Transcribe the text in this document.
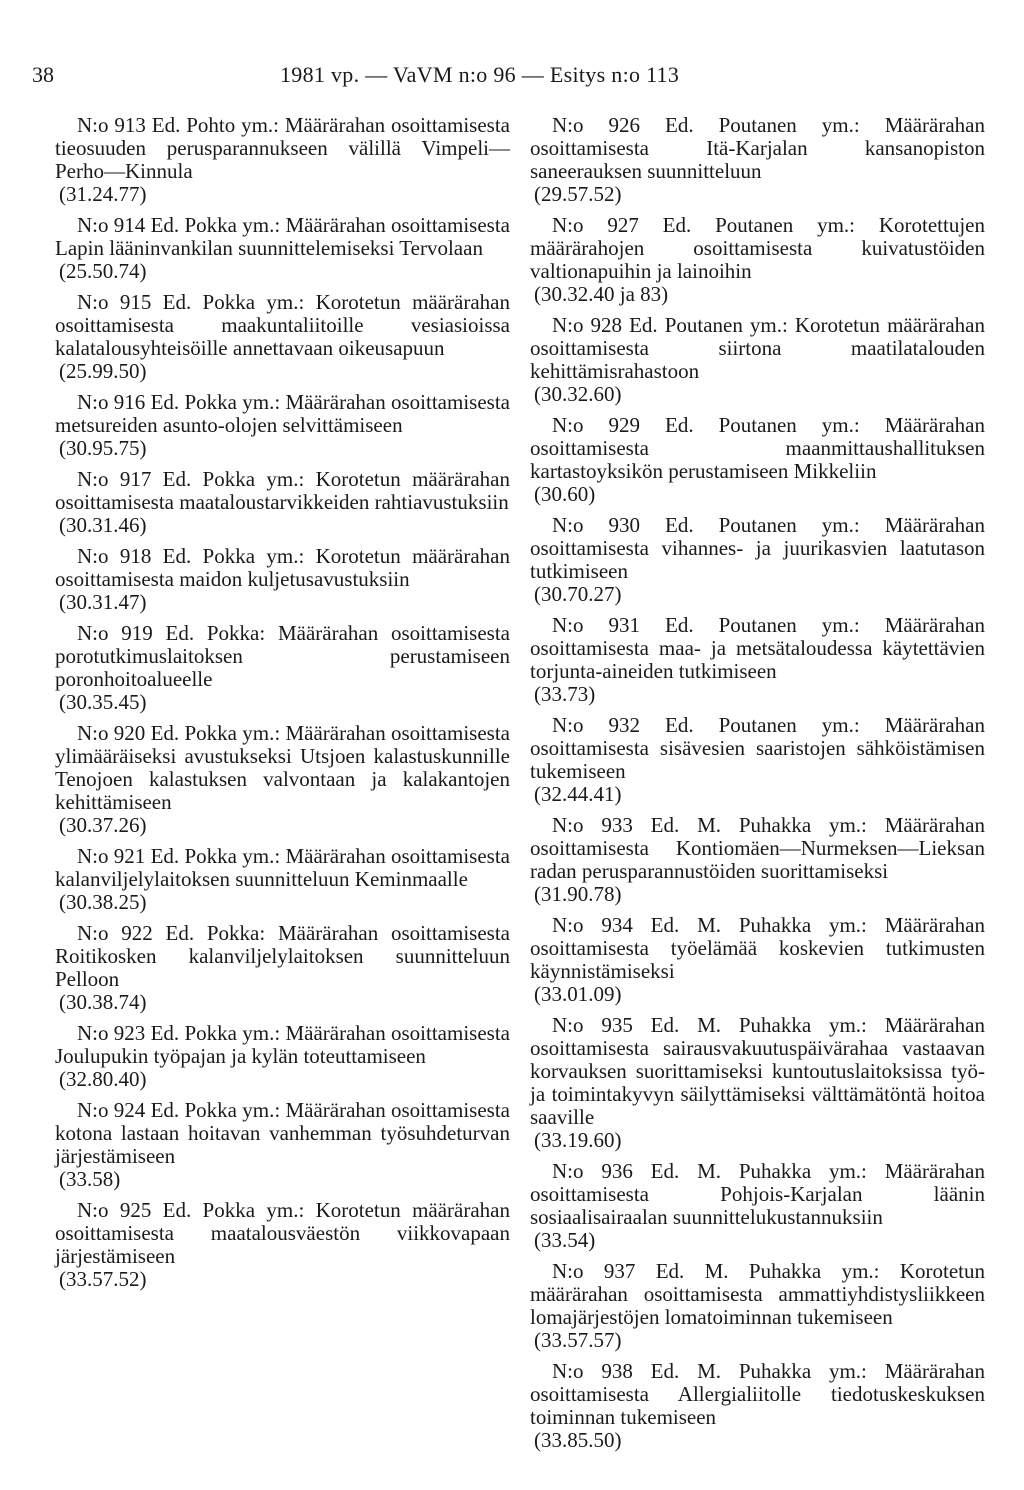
38	1981 vp. — VaVM n:o 96 — Esitys n:o 113
N:o 913 Ed. Pohto ym.: Määrärahan osoittamisesta tieosuuden perusparannukseen välillä Vimpeli—Perho—Kinnula
(31.24.77)
N:o 914 Ed. Pokka ym.: Määrärahan osoittamisesta Lapin lääninvankilan suunnittelemiseksi Tervolaan
(25.50.74)
N:o 915 Ed. Pokka ym.: Korotetun määrärahan osoittamisesta maakuntaliitoille vesiasioissa kalatalousyhteisöille annettavaan oikeusapuun
(25.99.50)
N:o 916 Ed. Pokka ym.: Määrärahan osoittamisesta metsureiden asunto-olojen selvittämiseen
(30.95.75)
N:o 917 Ed. Pokka ym.: Korotetun määrärahan osoittamisesta maataloustarvikkeiden rahtiavustuksiin
(30.31.46)
N:o 918 Ed. Pokka ym.: Korotetun määrärahan osoittamisesta maidon kuljetusavustuksiin
(30.31.47)
N:o 919 Ed. Pokka: Määrärahan osoittamisesta porotutkimuslaitoksen perustamiseen poronhoitoalueelle
(30.35.45)
N:o 920 Ed. Pokka ym.: Määrärahan osoittamisesta ylimääräiseksi avustukseksi Utsjoen kalastuskunnille Tenojoen kalastuksen valvontaan ja kalakantojen kehittämiseen
(30.37.26)
N:o 921 Ed. Pokka ym.: Määrärahan osoittamisesta kalanviljelylaitoksen suunnitteluun Keminmaalle
(30.38.25)
N:o 922 Ed. Pokka: Määrärahan osoittamisesta Roitikosken kalanviljelylaitoksen suunnitteluun Pelloon
(30.38.74)
N:o 923 Ed. Pokka ym.: Määrärahan osoittamisesta Joulupukin työpajan ja kylän toteuttamiseen
(32.80.40)
N:o 924 Ed. Pokka ym.: Määrärahan osoittamisesta kotona lastaan hoitavan vanhemman työsuhdeturvan järjestämiseen
(33.58)
N:o 925 Ed. Pokka ym.: Korotetun määrärahan osoittamisesta maatalousväestön viikkovapaan järjestämiseen
(33.57.52)
N:o 926 Ed. Poutanen ym.: Määrärahan osoittamisesta Itä-Karjalan kansanopiston saneerauksen suunnitteluun
(29.57.52)
N:o 927 Ed. Poutanen ym.: Korotettujen määrärahojen osoittamisesta kuivatustöiden valtionapuihin ja lainoihin
(30.32.40 ja 83)
N:o 928 Ed. Poutanen ym.: Korotetun määrärahan osoittamisesta siirtona maatilatalouden kehittämisrahastoon
(30.32.60)
N:o 929 Ed. Poutanen ym.: Määrärahan osoittamisesta maanmittaushallituksen kartastoyksikön perustamiseen Mikkeliin
(30.60)
N:o 930 Ed. Poutanen ym.: Määrärahan osoittamisesta vihannes- ja juurikasvien laatutason tutkimiseen
(30.70.27)
N:o 931 Ed. Poutanen ym.: Määrärahan osoittamisesta maa- ja metsätaloudessa käytettävien torjunta-aineiden tutkimiseen
(33.73)
N:o 932 Ed. Poutanen ym.: Määrärahan osoittamisesta sisävesien saaristojen sähköistämisen tukemiseen
(32.44.41)
N:o 933 Ed. M. Puhakka ym.: Määrärahan osoittamisesta Kontiomäen—Nurmeksen—Lieksan radan perusparannustöiden suorittamiseksi
(31.90.78)
N:o 934 Ed. M. Puhakka ym.: Määrärahan osoittamisesta työelämää koskevien tutkimusten käynnistämiseksi
(33.01.09)
N:o 935 Ed. M. Puhakka ym.: Määrärahan osoittamisesta sairausvakuutuspäivärahaa vastaavan korvauksen suorittamiseksi kuntoutuslaitoksissa työ- ja toimintakyvyn säilyttämiseksi välttämätöntä hoitoa saaville
(33.19.60)
N:o 936 Ed. M. Puhakka ym.: Määrärahan osoittamisesta Pohjois-Karjalan läänin sosiaalisairaalan suunnittelukustannuksiin
(33.54)
N:o 937 Ed. M. Puhakka ym.: Korotetun määrärahan osoittamisesta ammattiyhdistysliikkeen lomajärjestöjen lomatoiminnan tukemiseen
(33.57.57)
N:o 938 Ed. M. Puhakka ym.: Määrärahan osoittamisesta Allergialiitolle tiedotuskeskuksen toiminnan tukemiseen
(33.85.50)
